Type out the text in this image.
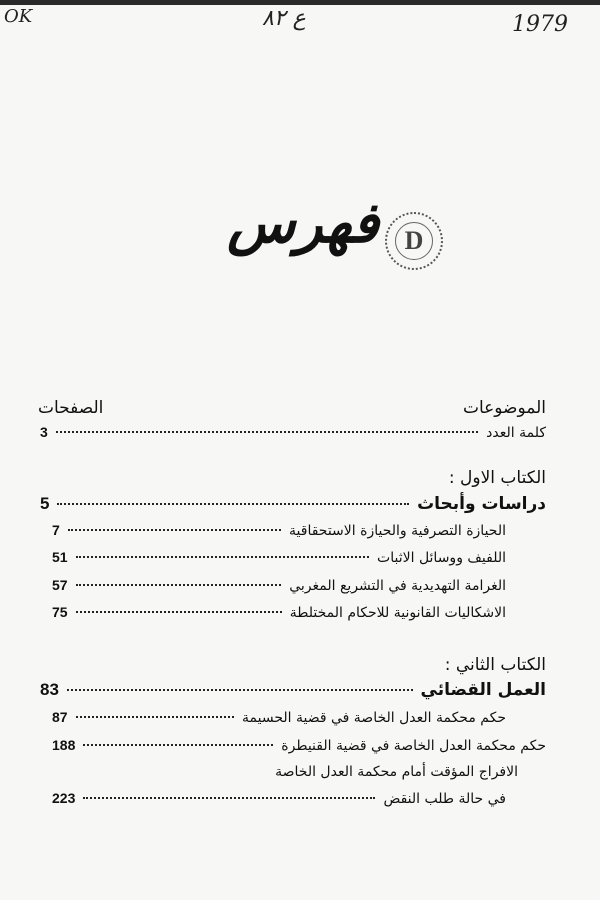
OK	ع ٨٢	1979
فهرس D
الموضوعات
الصفحات
كلمة العدد
3
الكتاب الاول :
دراسات وأبحاث
5
الحيازة التصرفية والحيازة الاستحقاقية
7
اللفيف ووسائل الاثبات
51
الغرامة التهديدية في التشريع المغربي
57
الاشكاليات القانونية للاحكام المختلطة
75
الكتاب الثاني :
العمل القضائي
83
حكم محكمة العدل الخاصة في قضية الحسيمة
87
حكم محكمة العدل الخاصة في قضية القنيطرة
188
الافراج المؤقت أمام محكمة العدل الخاصة
في حالة طلب النقض
223
